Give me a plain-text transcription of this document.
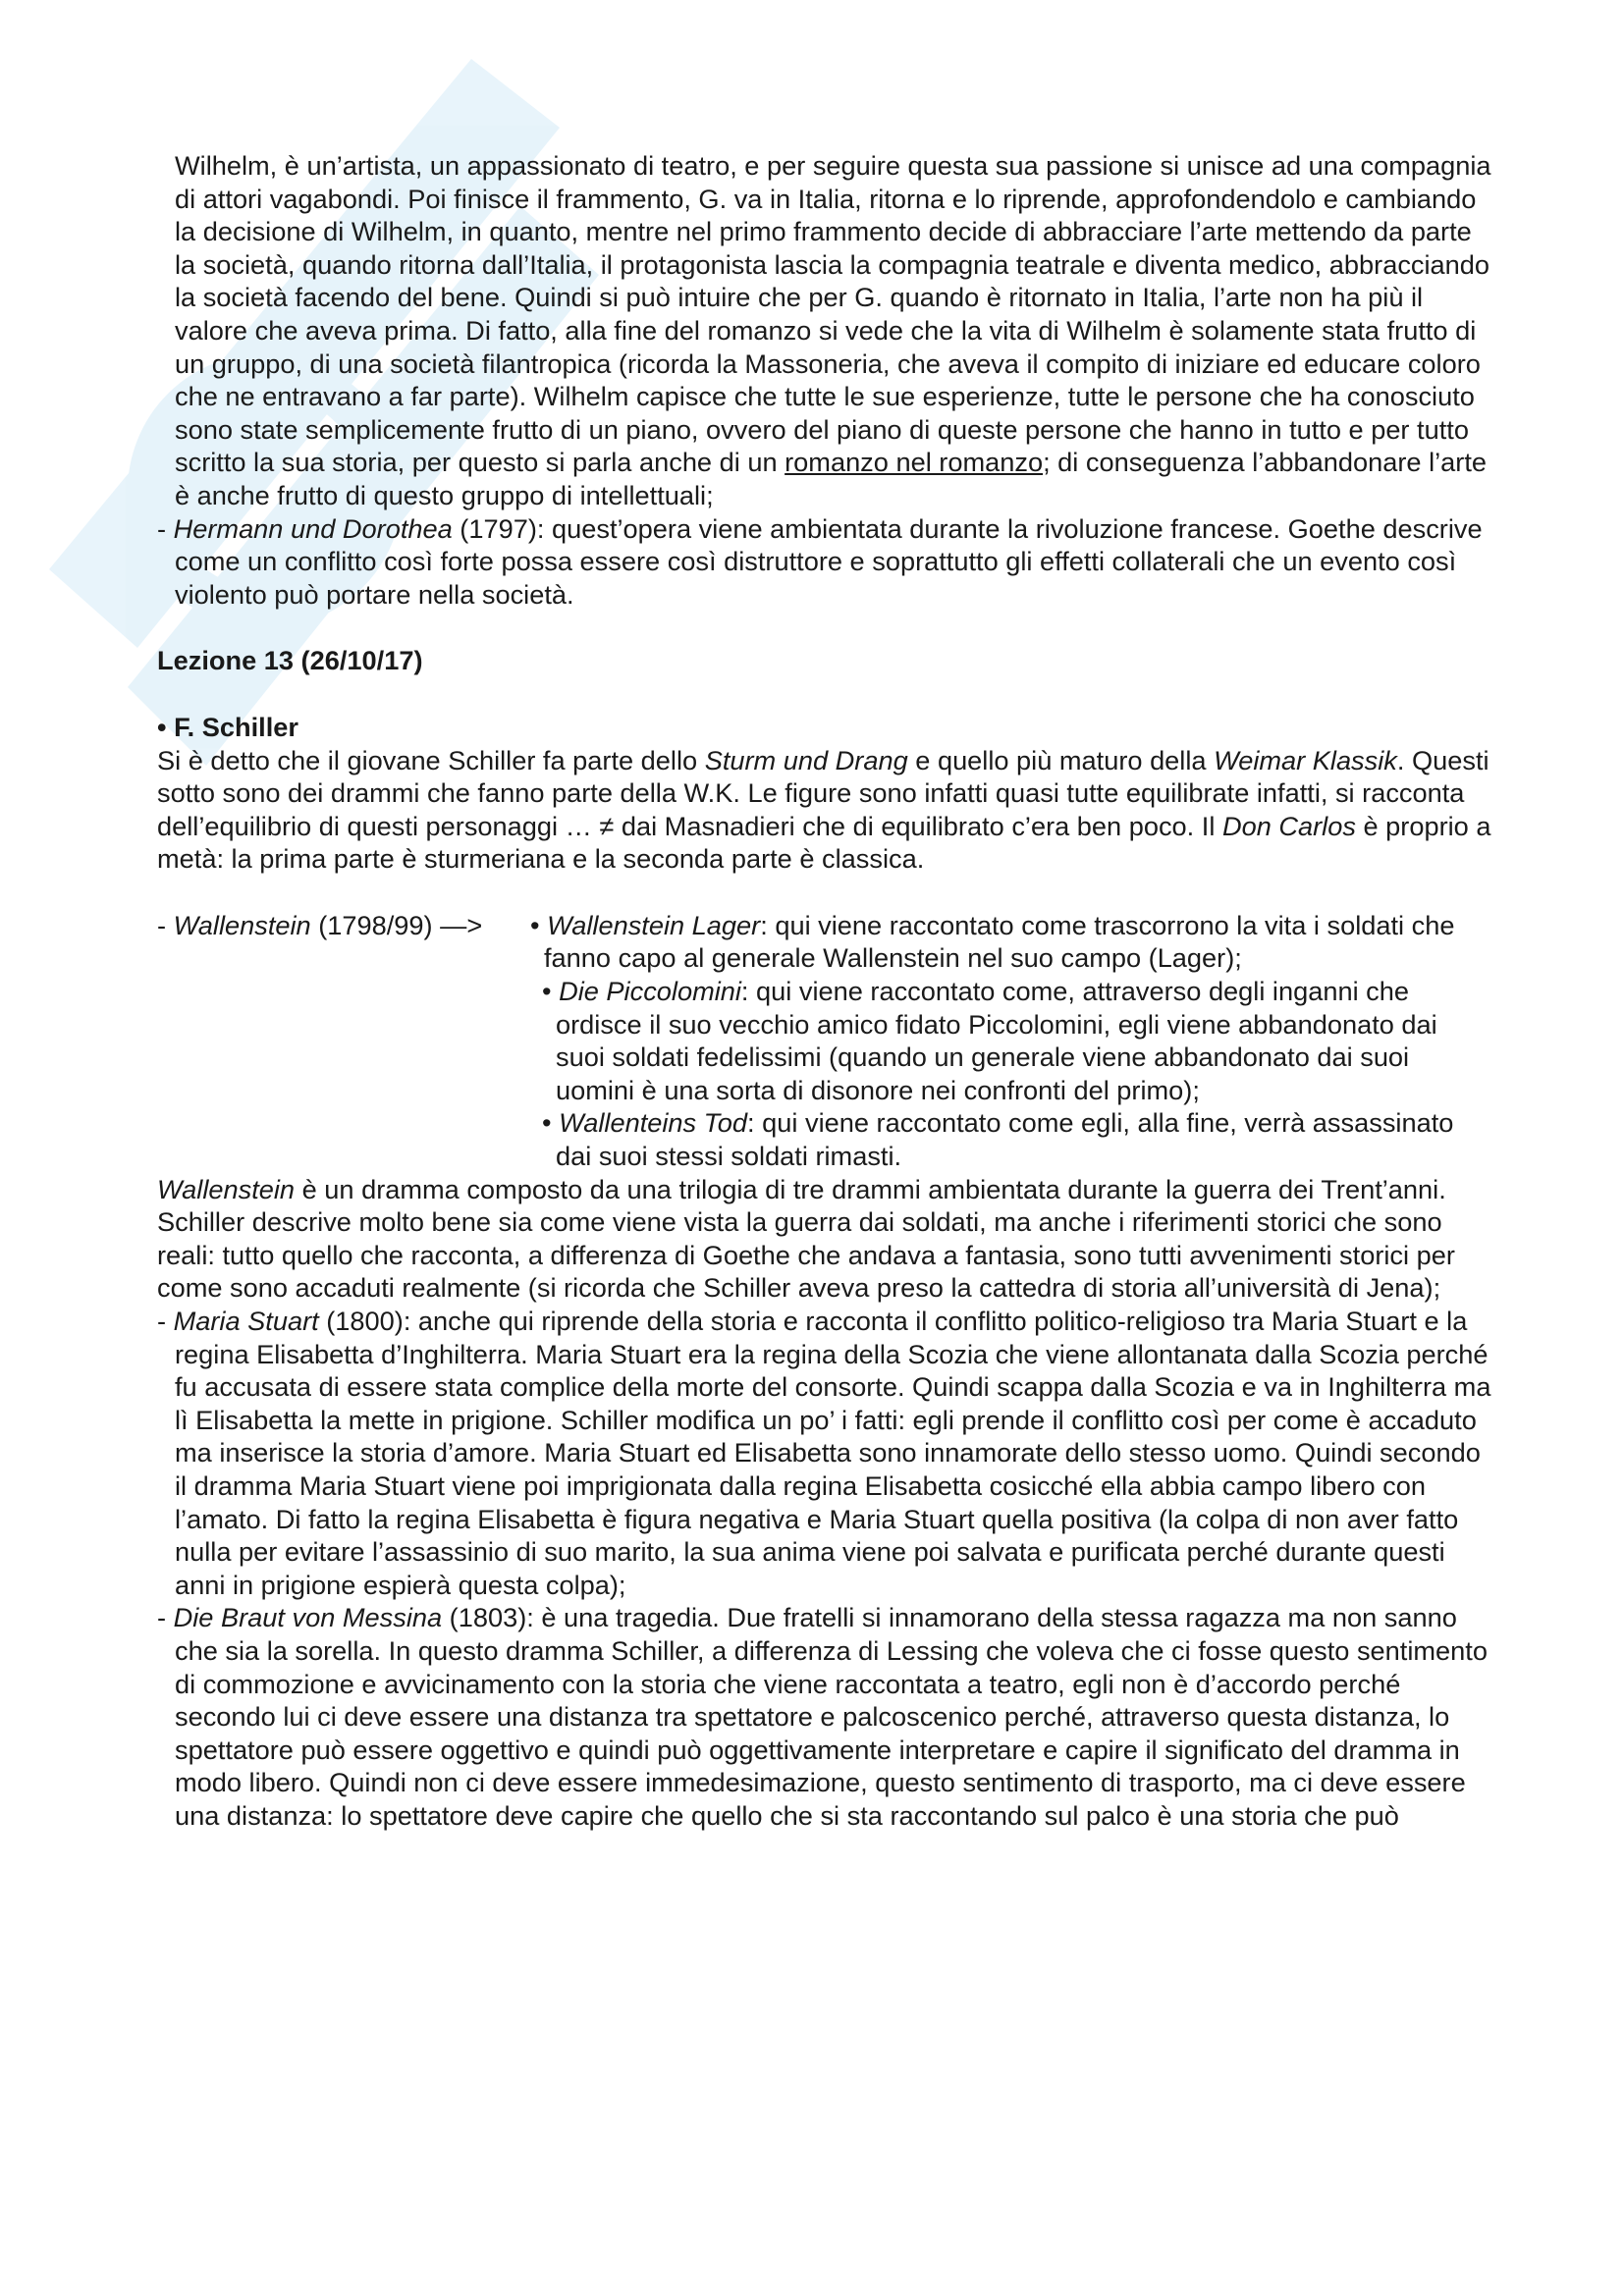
Wilhelm, è un’artista, un appassionato di teatro, e per seguire questa sua passione si unisce ad una compagnia di attori vagabondi. Poi finisce il frammento, G. va in Italia, ritorna e lo riprende, approfondendolo e cambiando la decisione di Wilhelm, in quanto, mentre nel primo frammento decide di abbracciare l’arte mettendo da parte la società, quando ritorna dall’Italia, il protagonista lascia la compagnia teatrale e diventa medico, abbracciando la società facendo del bene. Quindi si può intuire che per G. quando è ritornato in Italia, l’arte non ha più il valore che aveva prima. Di fatto, alla fine del romanzo si vede che la vita di Wilhelm è solamente stata frutto di un gruppo, di una società filantropica (ricorda la Massoneria, che aveva il compito di iniziare ed educare coloro che ne entravano a far parte). Wilhelm capisce che tutte le sue esperienze, tutte le persone che ha conosciuto sono state semplicemente frutto di un piano, ovvero del piano di queste persone che hanno in tutto e per tutto scritto la sua storia, per questo si parla anche di un romanzo nel romanzo; di conseguenza l’abbandonare l’arte è anche frutto di questo gruppo di intellettuali;

- Hermann und Dorothea (1797): quest’opera viene ambientata durante la rivoluzione francese. Goethe descrive come un conflitto così forte possa essere così distruttore e soprattutto gli effetti collaterali che un evento così violento può portare nella società.

Lezione 13 (26/10/17)

• F. Schiller

Si è detto che il giovane Schiller fa parte dello Sturm und Drang e quello più maturo della Weimar Klassik. Questi sotto sono dei drammi che fanno parte della W.K. Le figure sono infatti quasi tutte equilibrate infatti, si racconta dell’equilibrio di questi personaggi … ≠ dai Masnadieri che di equilibrato c’era ben poco. Il Don Carlos è proprio a metà: la prima parte è sturmeriana e la seconda parte è classica.

- Wallenstein (1798/99) —>	• Wallenstein Lager: qui viene raccontato come trascorrono la vita i soldati che fanno capo al generale Wallenstein nel suo campo (Lager);

• Die Piccolomini: qui viene raccontato come, attraverso degli inganni che ordisce il suo vecchio amico fidato Piccolomini, egli viene abbandonato dai suoi soldati fedelissimi (quando un generale viene abbandonato dai suoi uomini è una sorta di disonore nei confronti del primo);

• Wallenteins Tod: qui viene raccontato come egli, alla fine, verrà assassinato dai suoi stessi soldati rimasti.

Wallenstein è un dramma composto da una trilogia di tre drammi ambientata durante la guerra dei Trent’anni. Schiller descrive molto bene sia come viene vista la guerra dai soldati, ma anche i riferimenti storici che sono reali: tutto quello che racconta, a differenza di Goethe che andava a fantasia, sono tutti avvenimenti storici per come sono accaduti realmente (si ricorda che Schiller aveva preso la cattedra di storia all’università di Jena);

- Maria Stuart (1800): anche qui riprende della storia e racconta il conflitto politico-religioso tra Maria Stuart e la regina Elisabetta d’Inghilterra. Maria Stuart era la regina della Scozia che viene allontanata dalla Scozia perché fu accusata di essere stata complice della morte del consorte. Quindi scappa dalla Scozia e va in Inghilterra ma lì Elisabetta la mette in prigione. Schiller modifica un po’ i fatti: egli prende il conflitto così per come è accaduto ma inserisce la storia d’amore. Maria Stuart ed Elisabetta sono innamorate dello stesso uomo. Quindi secondo il dramma Maria Stuart viene poi imprigionata dalla regina Elisabetta cosicché ella abbia campo libero con l’amato. Di fatto la regina Elisabetta è figura negativa e Maria Stuart quella positiva (la colpa di non aver fatto nulla per evitare l’assassinio di suo marito, la sua anima viene poi salvata e purificata perché durante questi anni in prigione espierà questa colpa);

- Die Braut von Messina (1803): è una tragedia. Due fratelli si innamorano della stessa ragazza ma non sanno che sia la sorella. In questo dramma Schiller, a differenza di Lessing che voleva che ci fosse questo sentimento di commozione e avvicinamento con la storia che viene raccontata a teatro, egli non è d’accordo perché secondo lui ci deve essere una distanza tra spettatore e palcoscenico perché, attraverso questa distanza, lo spettatore può essere oggettivo e quindi può oggettivamente interpretare e capire il significato del dramma in modo libero. Quindi non ci deve essere immedesimazione, questo sentimento di trasporto, ma ci deve essere una distanza: lo spettatore deve capire che quello che si sta raccontando sul palco è una storia che può
